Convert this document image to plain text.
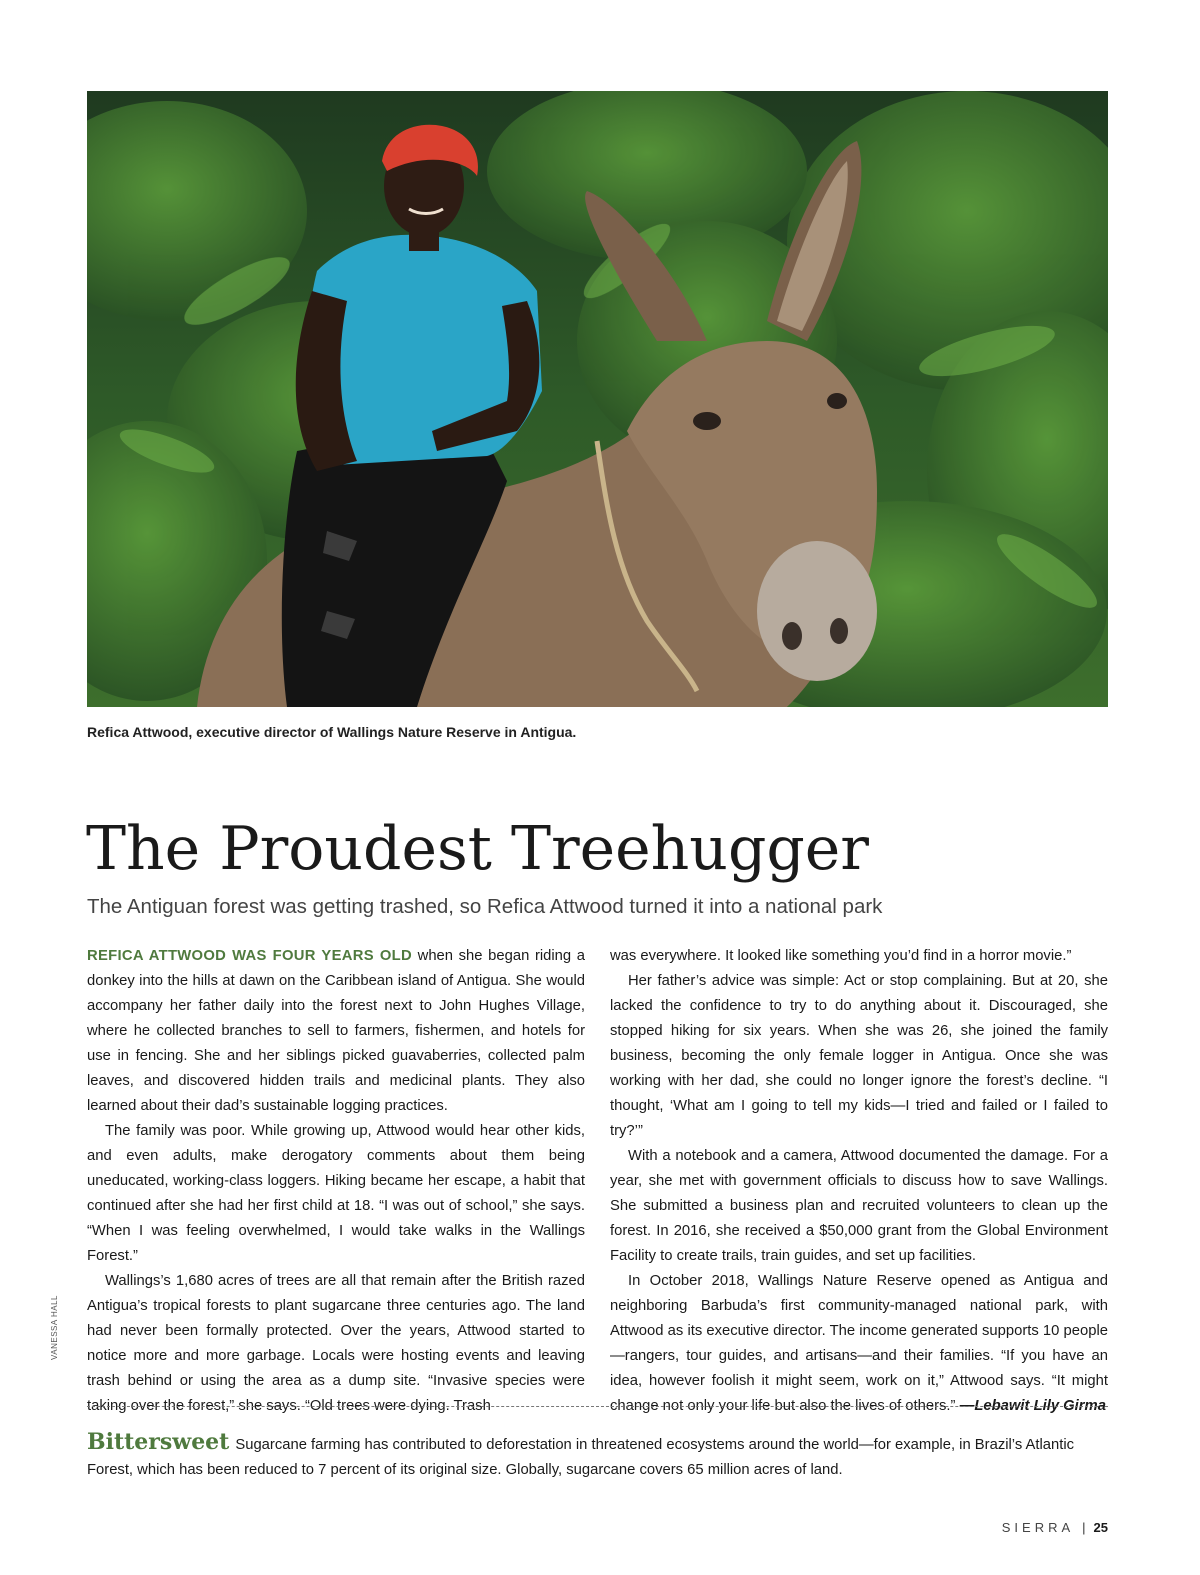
Refica Attwood, executive director of Wallings Nature Reserve in Antigua.
VANESSA HALL
The Proudest Treehugger
The Antiguan forest was getting trashed, so Refica Attwood turned it into a national park

REFICA ATTWOOD WAS FOUR YEARS OLD when she began riding a donkey into the hills at dawn on the Caribbean island of Antigua. She would accompany her father daily into the forest next to John Hughes Village, where he collected branches to sell to farmers, fishermen, and hotels for use in fencing. She and her siblings picked guavaberries, collected palm leaves, and discovered hidden trails and medicinal plants. They also learned about their dad’s sustainable logging practices.

The family was poor. While growing up, Attwood would hear other kids, and even adults, make derogatory comments about them being uneducated, working-class loggers. Hiking became her escape, a habit that continued after she had her first child at 18. “I was out of school,” she says. “When I was feeling overwhelmed, I would take walks in the Wallings Forest.”

Wallings’s 1,680 acres of trees are all that remain after the British razed Antigua’s tropical forests to plant sugarcane three centuries ago. The land had never been formally protected. Over the years, Attwood started to notice more and more garbage. Locals were hosting events and leaving trash behind or using the area as a dump site. “Invasive species were taking over the forest,” she says. “Old trees were dying. Trash

was everywhere. It looked like something you’d find in a horror movie.”

Her father’s advice was simple: Act or stop complaining. But at 20, she lacked the confidence to try to do anything about it. Discouraged, she stopped hiking for six years. When she was 26, she joined the family business, becoming the only female logger in Antigua. Once she was working with her dad, she could no longer ignore the forest’s decline. “I thought, ‘What am I going to tell my kids—I tried and failed or I failed to try?’”

With a notebook and a camera, Attwood documented the damage. For a year, she met with government officials to discuss how to save Wallings. She submitted a business plan and recruited volunteers to clean up the forest. In 2016, she received a $50,000 grant from the Global Environment Facility to create trails, train guides, and set up facilities.

In October 2018, Wallings Nature Reserve opened as Antigua and neighboring Barbuda’s first community-managed national park, with Attwood as its executive director. The income generated supports 10 people—rangers, tour guides, and artisans—and their families. “If you have an idea, however foolish it might seem, work on it,” Attwood says. “It might change not only your life but also the lives of others.” —Lebawit Lily Girma

Bittersweet Sugarcane farming has contributed to deforestation in threatened ecosystems around the world—for example, in Brazil’s Atlantic Forest, which has been reduced to 7 percent of its original size. Globally, sugarcane covers 65 million acres of land.
SIERRA | 25
